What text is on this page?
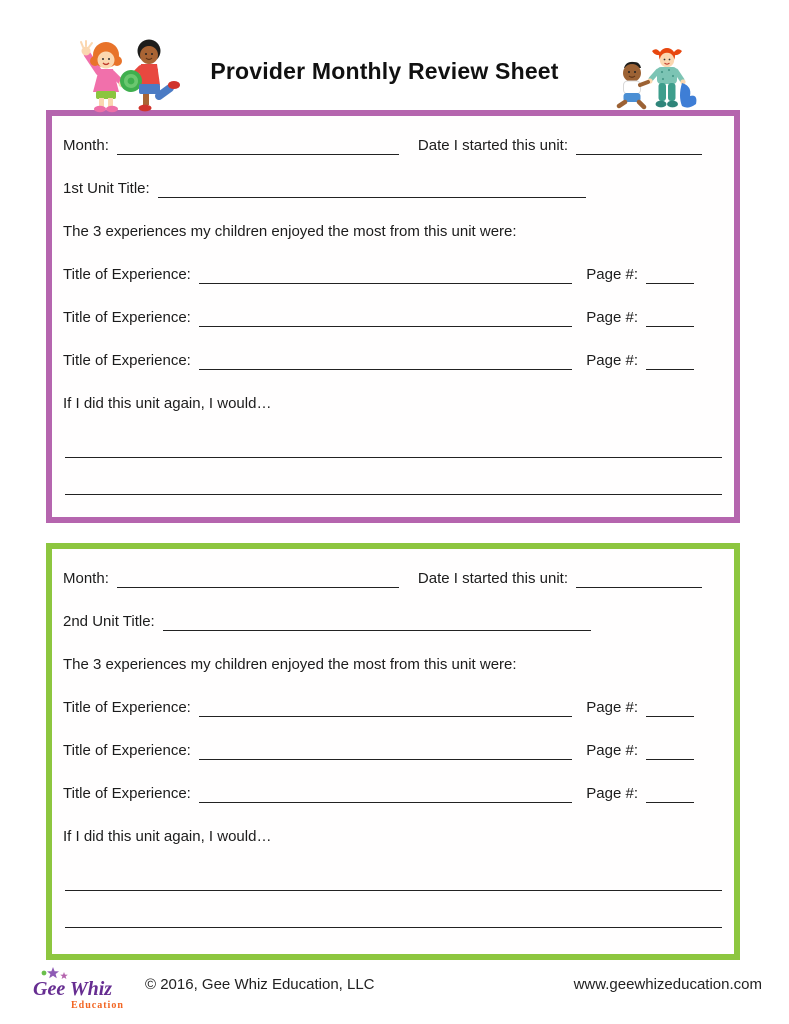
Provider Monthly Review Sheet
Month:	Date I started this unit:
1st Unit Title:
The 3 experiences my children enjoyed the most from this unit were:
Title of Experience:	Page #:
Title of Experience:	Page #:
Title of Experience:	Page #:
If I did this unit again, I would…
Month:	Date I started this unit:
2nd Unit Title:
The 3 experiences my children enjoyed the most from this unit were:
Title of Experience:	Page #:
Title of Experience:	Page #:
Title of Experience:	Page #:
If I did this unit again, I would…
Gee Whiz
Education
© 2016, Gee Whiz Education, LLC	www.geewhizeducation.com
